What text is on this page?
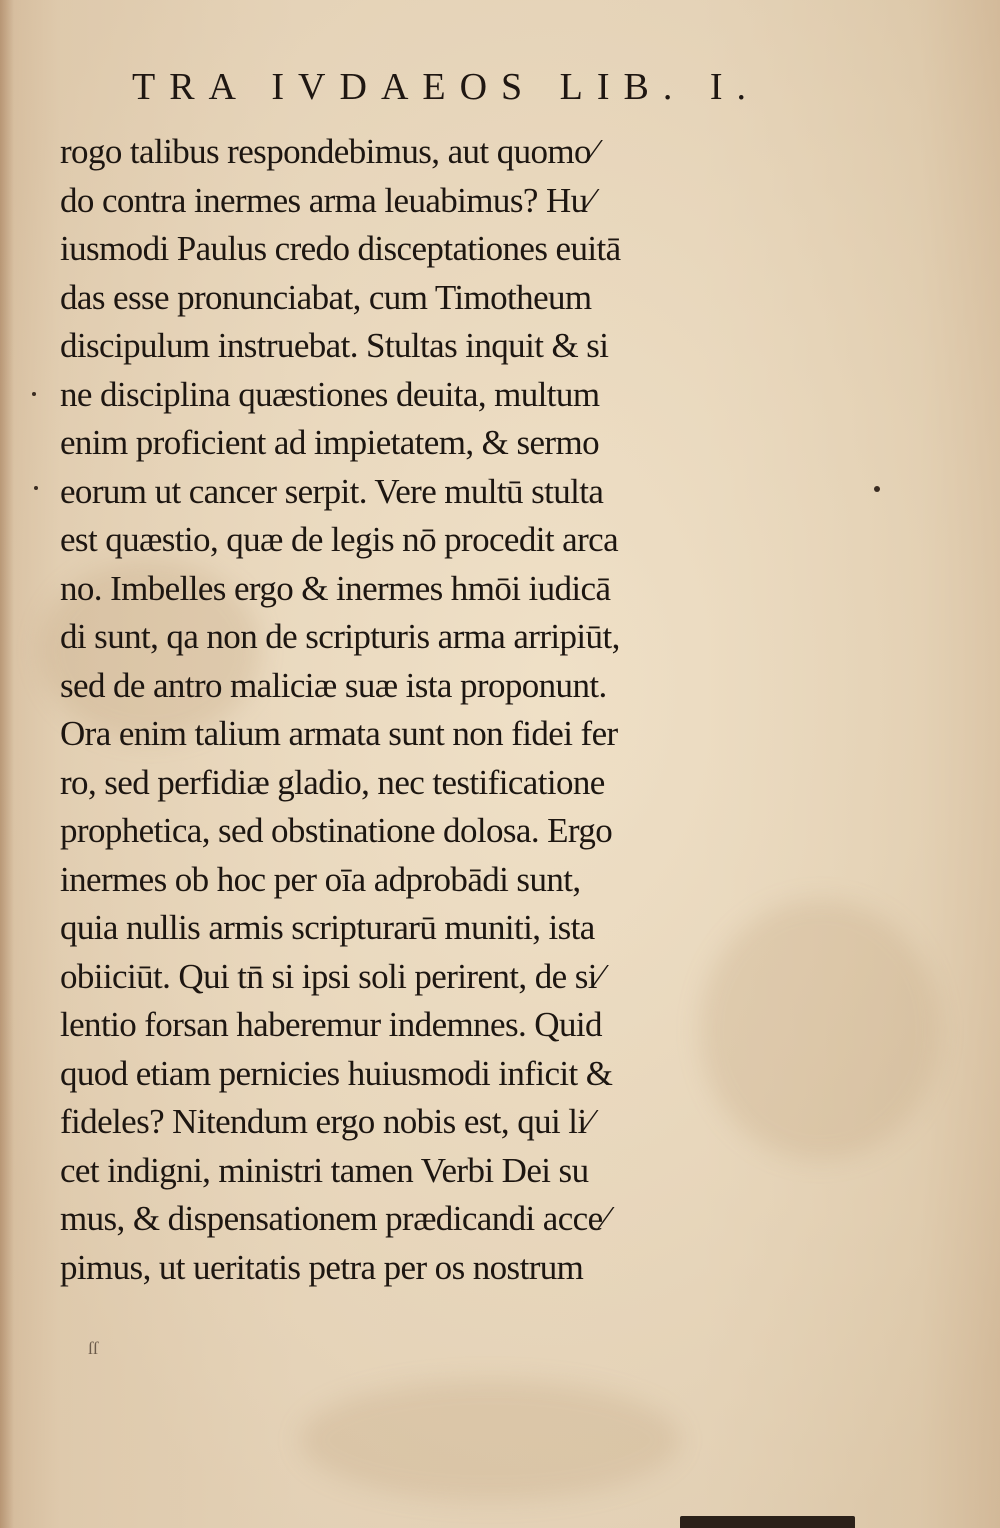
TRA IVDAEOS LIB. I.
rogo talibus respondebimus, aut quomo⁄
do contra inermes arma leuabimus? Hu⁄
iusmodi Paulus credo disceptationes euitā
das esse pronunciabat, cum Timotheum
discipulum instruebat. Stultas inquit & si
ne disciplina quæstiones deuita, multum
enim proficient ad impietatem, & sermo
eorum ut cancer serpit. Vere multū stulta
est quæstio, quæ de legis nō procedit arca
no. Imbelles ergo & inermes hmōi iudicā
di sunt, qa non de scripturis arma arripiūt,
sed de antro maliciæ suæ ista proponunt.
Ora enim talium armata sunt non fidei fer
ro, sed perfidiæ gladio, nec testificatione
prophetica, sed obstinatione dolosa. Ergo
inermes ob hoc per oīa adprobādi sunt,
quia nullis armis scripturarū muniti, ista
obiiciūt. Qui tn̄ si ipsi soli perirent, de si⁄
lentio forsan haberemur indemnes. Quid
quod etiam pernicies huiusmodi inficit &
fideles? Nitendum ergo nobis est, qui li⁄
cet indigni, ministri tamen Verbi Dei su
mus, & dispensationem prædicandi acce⁄
pimus, ut ueritatis petra per os nostrum
ſſ
